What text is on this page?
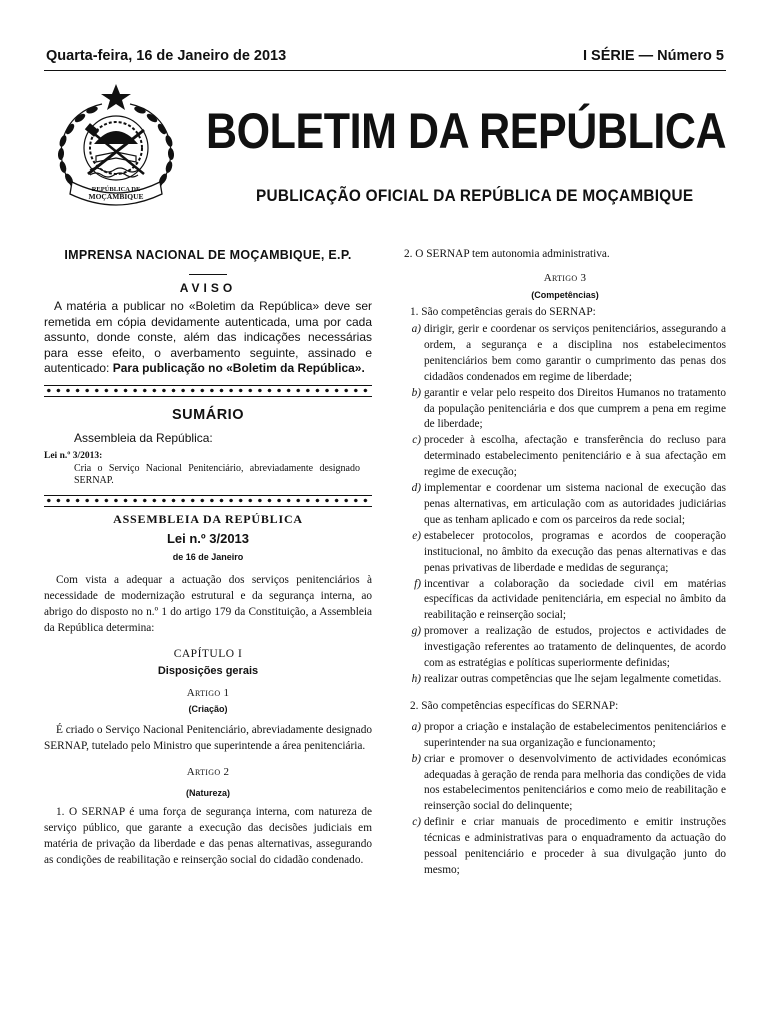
Quarta-feira, 16 de Janeiro de 2013	I SÉRIE — Número 5
REPÚBLICA DE
MOÇAMBIQUE
BOLETIM DA REPÚBLICA
PUBLICAÇÃO OFICIAL DA REPÚBLICA DE MOÇAMBIQUE
IMPRENSA NACIONAL DE MOÇAMBIQUE, E.P.
AVISO
A matéria a publicar no «Boletim da República» deve ser remetida em cópia devidamente autenticada, uma por cada assunto, donde conste, além das indicações necessárias para esse efeito, o averbamento seguinte, assinado e autenticado: Para publicação no «Boletim da República».
SUMÁRIO
Assembleia da República:
Lei n.º 3/2013:
Cria o Serviço Nacional Penitenciário, abreviadamente designado SERNAP.
ASSEMBLEIA DA REPÚBLICA
Lei n.º 3/2013
de 16 de Janeiro
Com vista a adequar a actuação dos serviços penitenciários à necessidade de modernização estrutural e da segurança interna, ao abrigo do disposto no n.º 1 do artigo 179 da Constituição, a Assembleia da República determina:
CAPÍTULO I
Disposições gerais
Artigo 1
(Criação)
É criado o Serviço Nacional Penitenciário, abreviadamente designado SERNAP, tutelado pelo Ministro que superintende a área penitenciária.
Artigo 2
(Natureza)
1. O SERNAP é uma força de segurança interna, com natureza de serviço público, que garante a execução das decisões judiciais em matéria de privação da liberdade e das penas alternativas, assegurando as condições de reabilitação e reinserção social do cidadão condenado.
2. O SERNAP tem autonomia administrativa.
Artigo 3
(Competências)
1. São competências gerais do SERNAP:
a) dirigir, gerir e coordenar os serviços penitenciários, assegurando a ordem, a segurança e a disciplina nos estabelecimentos penitenciários bem como garantir o cumprimento das penas dos cidadãos condenados em regime de liberdade;
b) garantir e velar pelo respeito dos Direitos Humanos no tratamento da população penitenciária e dos que cumprem a pena em regime de liberdade;
c) proceder à escolha, afectação e transferência do recluso para determinado estabelecimento penitenciário e à sua afectação em regime de execução;
d) implementar e coordenar um sistema nacional de execução das penas alternativas, em articulação com as autoridades judiciárias que as tenham aplicado e com os parceiros da rede social;
e) estabelecer protocolos, programas e acordos de cooperação institucional, no âmbito da execução das penas alternativas e das penas privativas de liberdade e medidas de segurança;
f) incentivar a colaboração da sociedade civil em matérias específicas da actividade penitenciária, em especial no âmbito da reabilitação e reinserção social;
g) promover a realização de estudos, projectos e actividades de investigação referentes ao tratamento de delinquentes, de acordo com as estratégias e políticas superiormente definidas;
h) realizar outras competências que lhe sejam legalmente cometidas.
2. São competências específicas do SERNAP:
a) propor a criação e instalação de estabelecimentos penitenciários e superintender na sua organização e funcionamento;
b) criar e promover o desenvolvimento de actividades económicas adequadas à geração de renda para melhoria das condições de vida nos estabelecimentos penitenciários e como meio de reabilitação e reinserção social do delinquente;
c) definir e criar manuais de procedimento e emitir instruções técnicas e administrativas para o enquadramento da actuação do pessoal penitenciário e proceder à sua divulgação junto do mesmo;
